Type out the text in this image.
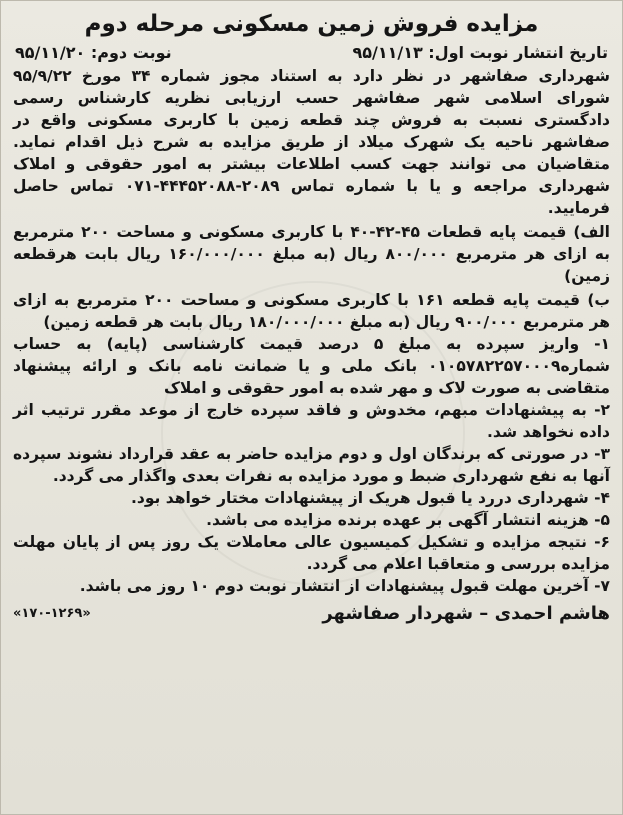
مزایده فروش زمین مسکونی مرحله دوم
تاریخ انتشار نوبت اول: ۹۵/۱۱/۱۳
نوبت دوم: ۹۵/۱۱/۲۰

شهرداری صفاشهر در نظر دارد به استناد مجوز شماره ۳۴ مورخ ۹۵/۹/۲۲ شورای اسلامی شهر صفاشهر حسب ارزیابی نظریه کارشناس رسمی دادگستری نسبت به فروش چند قطعه زمین با کاربری مسکونی واقع در صفاشهر ناحیه یک شهرک میلاد از طریق مزایده به شرح ذیل اقدام نماید. متقاضیان می توانند جهت کسب اطلاعات بیشتر به امور حقوقی و املاک شهرداری مراجعه و یا با شماره تماس ۲۰۸۹-۴۴۴۵۲۰۸۸-۰۷۱ تماس حاصل فرمایید.

الف) قیمت پایه قطعات ۴۵-۴۲-۴۰ با کاربری مسکونی و مساحت ۲۰۰ مترمربع به ازای هر مترمربع ۸۰۰/۰۰۰ ریال (به مبلغ ۱۶۰/۰۰۰/۰۰۰ ریال بابت هرقطعه زمین)

ب) قیمت پایه قطعه ۱۶۱ با کاربری مسکونی و مساحت ۲۰۰ مترمربع به ازای هر مترمربع ۹۰۰/۰۰۰ ریال (به مبلغ ۱۸۰/۰۰۰/۰۰۰ ریال بابت هر قطعه زمین)

۱- واریز سپرده به مبلغ ۵ درصد قیمت کارشناسی (پایه) به حساب شماره۰۱۰۵۷۸۲۲۵۷۰۰۰۹ بانک ملی و یا ضمانت نامه بانک و ارائه پیشنهاد متقاضی به صورت لاک و مهر شده به امور حقوقی و املاک

۲- به پیشنهادات مبهم، مخدوش و فاقد سپرده خارج از موعد مقرر ترتیب اثر داده نخواهد شد.

۳- در صورتی که برندگان اول و دوم مزایده حاضر به عقد قرارداد نشوند سپرده آنها به نفع شهرداری ضبط و مورد مزایده به نفرات بعدی واگذار می گردد.

۴- شهرداری دررد یا قبول هریک از پیشنهادات مختار خواهد بود.

۵- هزینه انتشار آگهی بر عهده برنده مزایده می باشد.

۶- نتیجه مزایده و تشکیل کمیسیون عالی معاملات یک روز پس از پایان مهلت مزایده بررسی و متعاقبا اعلام می گردد.

۷- آخرین مهلت قبول پیشنهادات از انتشار نوبت دوم ۱۰ روز می باشد.

هاشم احمدی – شهردار صفاشهر
«۱۷۰-۱۲۶۹»
